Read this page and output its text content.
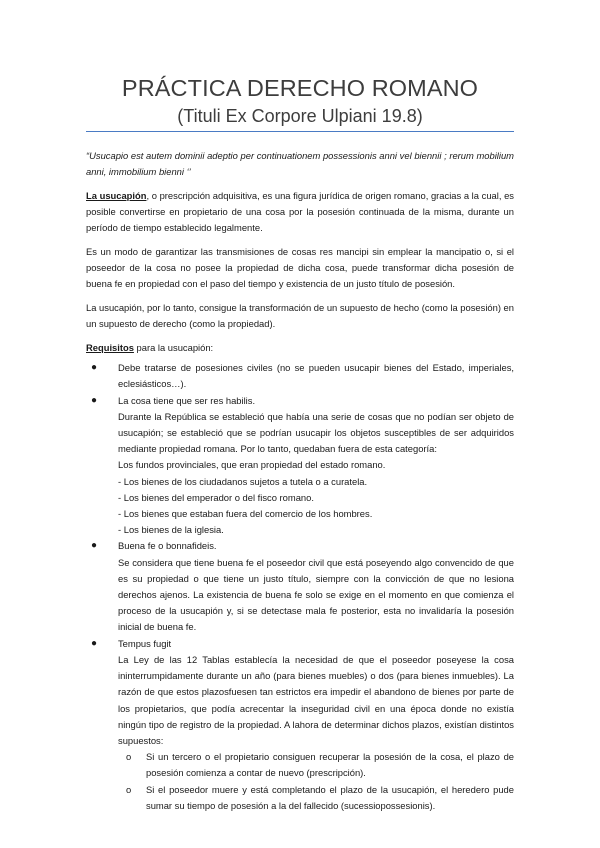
PRÁCTICA DERECHO ROMANO
(Tituli Ex Corpore Ulpiani 19.8)

“Usucapio est autem dominii adeptio per continuationem possessionis anni vel biennii ; rerum mobilium anni, immobilium bienni ‘’

La usucapión, o prescripción adquisitiva, es una figura jurídica de origen romano, gracias a la cual, es posible convertirse en propietario de una cosa por la posesión continuada de la misma, durante un período de tiempo establecido legalmente.

Es un modo de garantizar las transmisiones de cosas res mancipi sin emplear la mancipatio o, si el poseedor de la cosa no posee la propiedad de dicha cosa, puede transformar dicha posesión de buena fe en propiedad con el paso del tiempo y existencia de un justo título de posesión.

La usucapión, por lo tanto, consigue la transformación de un supuesto de hecho (como la posesión) en un supuesto de derecho (como la propiedad).

Requisitos para la usucapión:

● Debe tratarse de posesiones civiles (no se pueden usucapir bienes del Estado, imperiales, eclesiásticos…).
● La cosa tiene que ser res habilis.
Durante la República se estableció que había una serie de cosas que no podían ser objeto de usucapión; se estableció que se podrían usucapir los objetos susceptibles de ser adquiridos mediante propiedad romana. Por lo tanto, quedaban fuera de esta categoría:
Los fundos provinciales, que eran propiedad del estado romano.
- Los bienes de los ciudadanos sujetos a tutela o a curatela.
- Los bienes del emperador o del fisco romano.
- Los bienes que estaban fuera del comercio de los hombres.
- Los bienes de la iglesia.
● Buena fe o bonnafideis.
Se considera que tiene buena fe el poseedor civil que está poseyendo algo convencido de que es su propiedad o que tiene un justo título, siempre con la convicción de que no lesiona derechos ajenos. La existencia de buena fe solo se exige en el momento en que comienza el proceso de la usucapión y, si se detectase mala fe posterior, esta no invalidaría la posesión inicial de buena fe.
● Tempus fugit
La Ley de las 12 Tablas establecía la necesidad de que el poseedor poseyese la cosa ininterrumpidamente durante un año (para bienes muebles) o dos (para bienes inmuebles). La razón de que estos plazosfuesen tan estrictos era impedir el abandono de bienes por parte de los propietarios, que podía acrecentar la inseguridad civil en una época donde no existía ningún tipo de registro de la propiedad. A lahora de determinar dichos plazos, existían distintos supuestos:
o Si un tercero o el propietario consiguen recuperar la posesión de la cosa, el plazo de posesión comienza a contar de nuevo (prescripción).
o Si el poseedor muere y está completando el plazo de la usucapión, el heredero pude sumar su tiempo de posesión a la del fallecido (sucessiopossesionis).
